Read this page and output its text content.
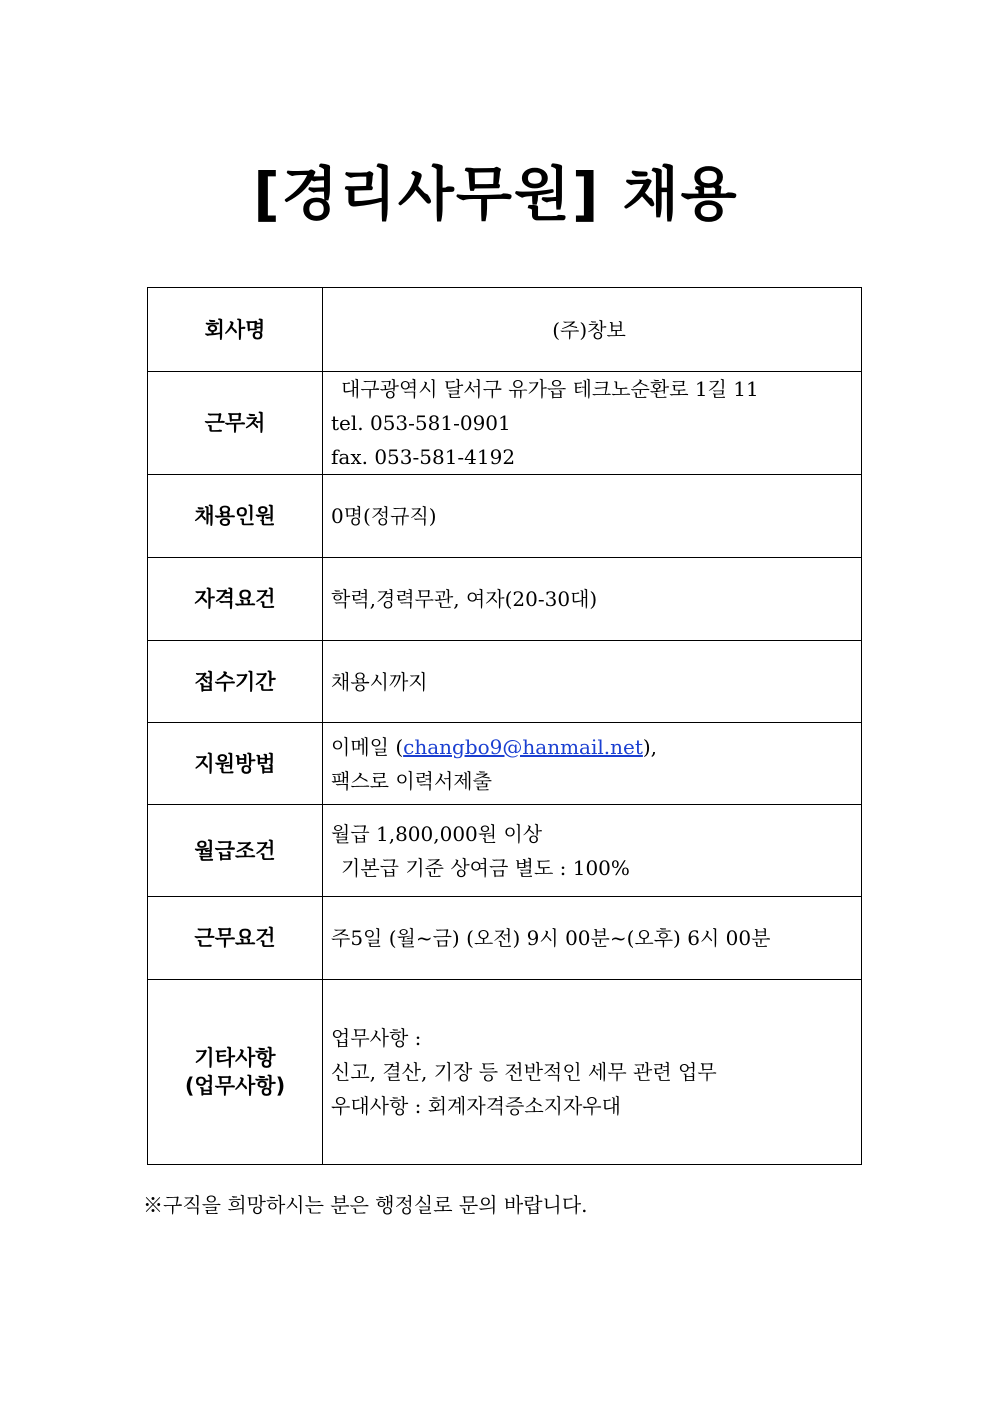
[경리사무원] 채용
회사명	(주)창보
근무처	대구광역시 달서구 유가읍 테크노순환로 1길 11
tel. 053-581-0901
fax. 053-581-4192

채용인원	0명(정규직)
자격요건	학력,경력무관, 여자(20-30대)
접수기간	채용시까지
지원방법	이메일 (changbo9@hanmail.net),
팩스로 이력서제출

월급조건	월급 1,800,000원 이상
기본급 기준 상여금 별도 : 100%

근무요건	주5일 (월~금) (오전) 9시 00분~(오후) 6시 00분

기타사항
(업무사항)	업무사항 :
신고, 결산, 기장 등 전반적인 세무 관련 업무
우대사항 : 회계자격증소지자우대
※구직을 희망하시는 분은 행정실로 문의 바랍니다.
